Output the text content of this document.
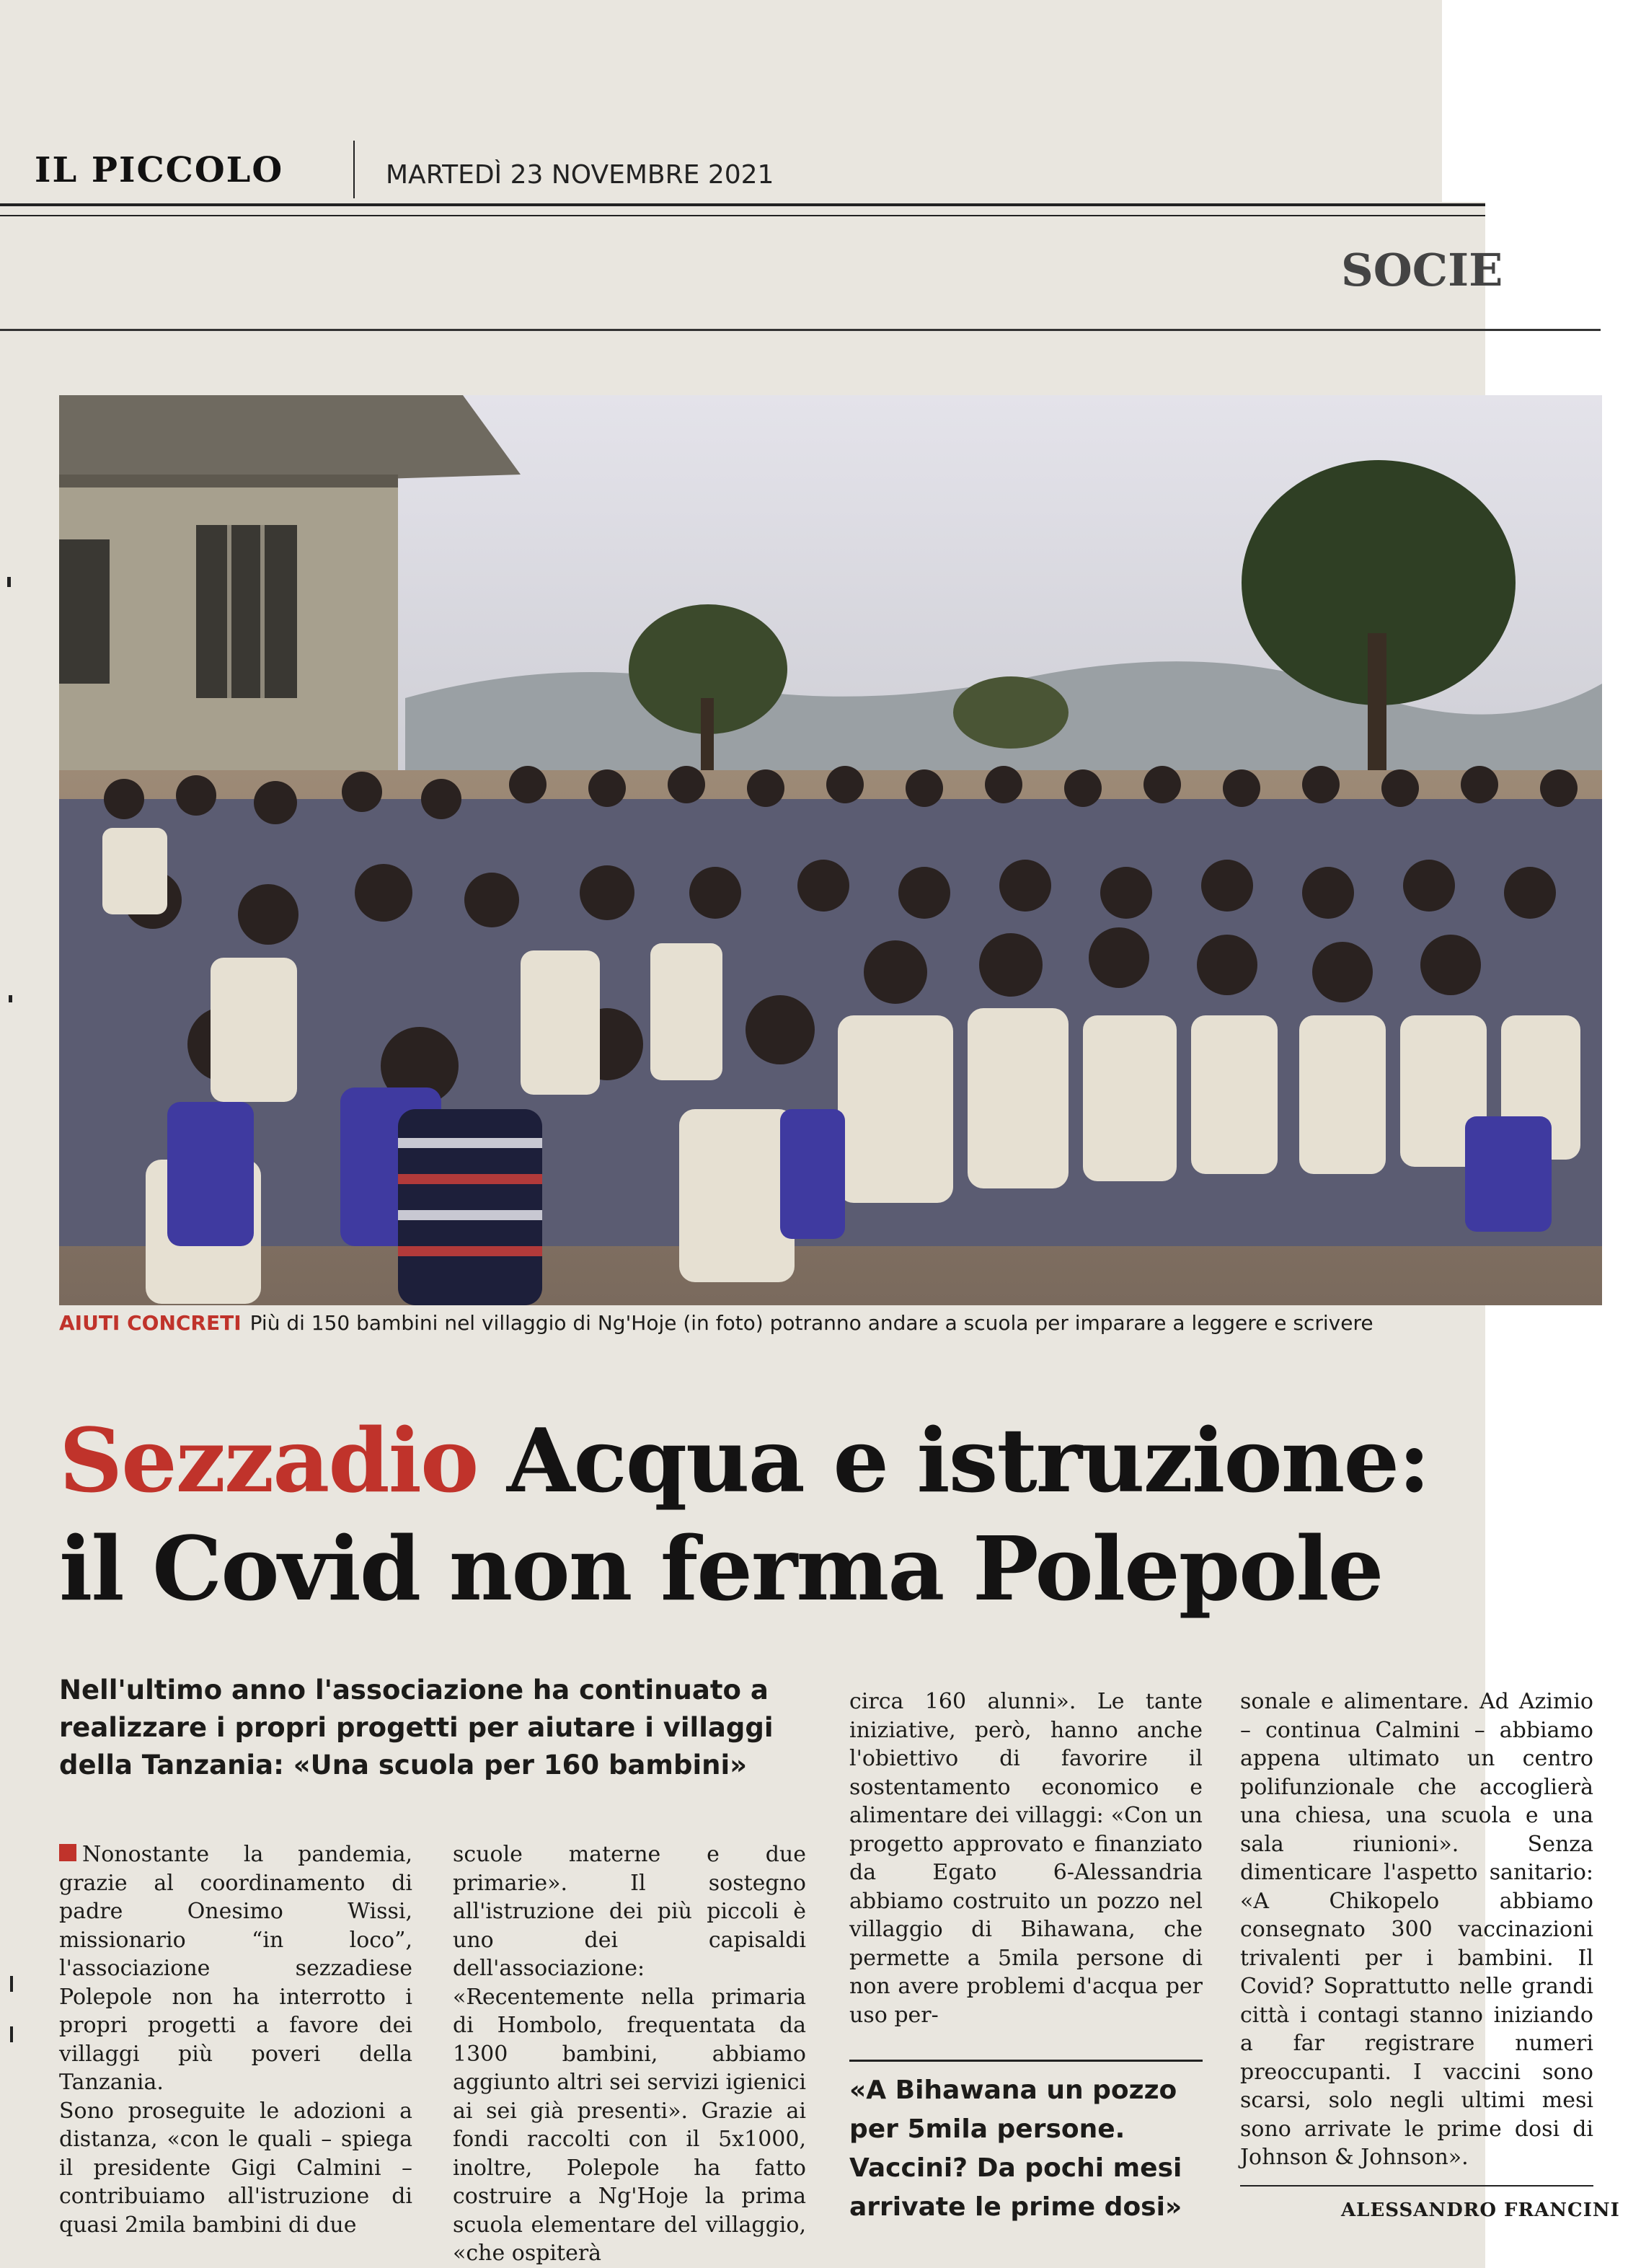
IL PICCOLO	MARTEDÌ 23 NOVEMBRE 2021
SOCIE
AIUTI CONCRETI Più di 150 bambini nel villaggio di Ng'Hoje (in foto) potranno andare a scuola per imparare a leggere e scrivere
Sezzadio Acqua e istruzione:
il Covid non ferma Polepole
Nell'ultimo anno l'associazione ha continuato a realizzare i propri progetti per aiutare i villaggi della Tanzania: «Una scuola per 160 bambini»

Nonostante la pandemia, grazie al coordinamento di padre Onesimo Wissi, missionario “in loco”, l'associazione sezzadiese Polepole non ha interrotto i propri progetti a favore dei villaggi più poveri della Tanzania.

Sono proseguite le adozioni a distanza, «con le quali – spiega il presidente Gigi Calmini – contribuiamo all'istruzione di quasi 2mila bambini di due

scuole materne e due primarie». Il sostegno all'istruzione dei più piccoli è uno dei capisaldi dell'associazione: «Recentemente nella primaria di Hombolo, frequentata da 1300 bambini, abbiamo aggiunto altri sei servizi igienici ai sei già presenti». Grazie ai fondi raccolti con il 5x1000, inoltre, Polepole ha fatto costruire a Ng'Hoje la prima scuola elementare del villaggio, «che ospiterà

circa 160 alunni». Le tante iniziative, però, hanno anche l'obiettivo di favorire il sostentamento economico e alimentare dei villaggi: «Con un progetto approvato e finanziato da Egato 6-Alessandria abbiamo costruito un pozzo nel villaggio di Bihawana, che permette a 5mila persone di non avere problemi d'acqua per uso per-

sonale e alimentare. Ad Azimio – continua Calmini – abbiamo appena ultimato un centro polifunzionale che accoglierà una chiesa, una scuola e una sala riunioni». Senza dimenticare l'aspetto sanitario: «A Chikopelo abbiamo consegnato 300 vaccinazioni trivalenti per i bambini. Il Covid? Soprattutto nelle grandi città i contagi stanno iniziando a far registrare numeri preoccupanti. I vaccini sono scarsi, solo negli ultimi mesi sono arrivate le prime dosi di Johnson & Johnson».

«A Bihawana un pozzo per 5mila persone. Vaccini? Da pochi mesi arrivate le prime dosi»	ALESSANDRO FRANCINI
